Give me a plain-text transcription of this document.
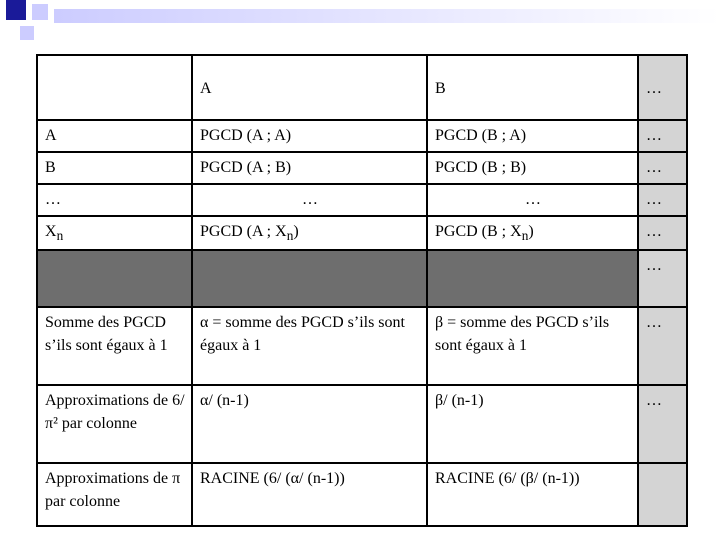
	A	B	…
A	PGCD (A ; A)	PGCD (B ; A)	…
B	PGCD (A ; B)	PGCD (B ; B)	…
…	…	…	…
$X_n$	PGCD (A ; $X_n$)	PGCD (B ; $X_n$)	…
			…
Somme des PGCD s’ils sont égaux à 1	α = somme des PGCD s’ils sont égaux à 1	β = somme des PGCD s’ils sont égaux à 1	…
Approximations de 6/π² par colonne	α/ (n-1)	β/ (n-1)	…
Approximations de π par colonne	RACINE (6/ (α/ (n-1))	RACINE (6/ (β/ (n-1))	
